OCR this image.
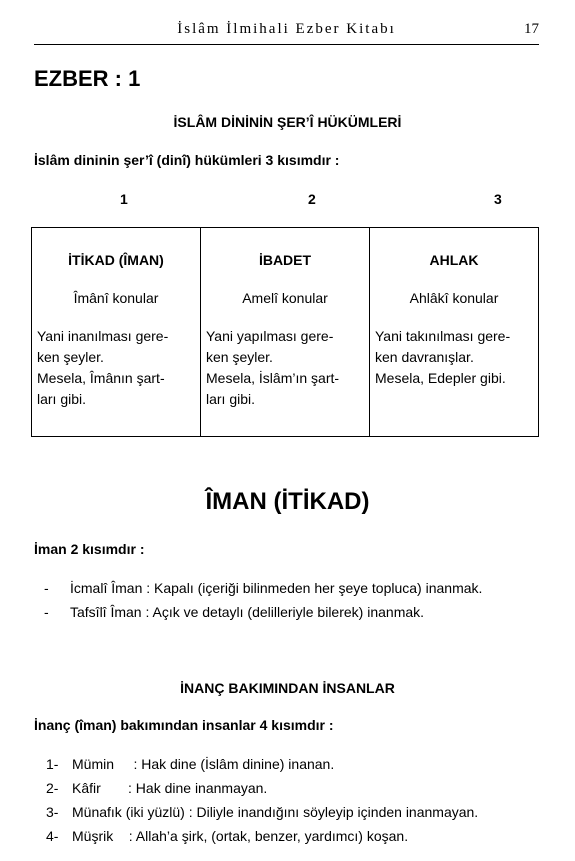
İslâm İlmihali Ezber Kitabı	17
EZBER : 1
İSLÂM DİNİNİN ŞER’Î HÜKÜMLERİ
İslâm dininin şer’î (dinî) hükümleri 3 kısımdır :
1	2	3
İTİKAD (ÎMAN)
Îmânî konular
Yani inanılması gere-
ken şeyler.
Mesela, Îmânın şart-
ları gibi.

İBADET
Amelî konular
Yani yapılması gere-
ken şeyler.
Mesela, İslâm’ın şart-
ları gibi.

AHLAK
Ahlâkî konular
Yani takınılması gere-
ken davranışlar.
Mesela, Edepler gibi.
ÎMAN (İTİKAD)
İman 2 kısımdır :
- İcmalî Îman : Kapalı (içeriği bilinmeden her şeye topluca) inanmak.
- Tafsîlî Îman : Açık ve detaylı (delilleriyle bilerek) inanmak.
İNANÇ BAKIMINDAN İNSANLAR
İnanç (îman) bakımından insanlar 4 kısımdır :
1- Mümin     : Hak dine (İslâm dinine) inanan.
2- Kâfir       : Hak dine inanmayan.
3- Münafık (iki yüzlü) : Diliyle inandığını söyleyip içinden inanmayan.
4- Müşrik    : Allah’a şirk, (ortak, benzer, yardımcı) koşan.
